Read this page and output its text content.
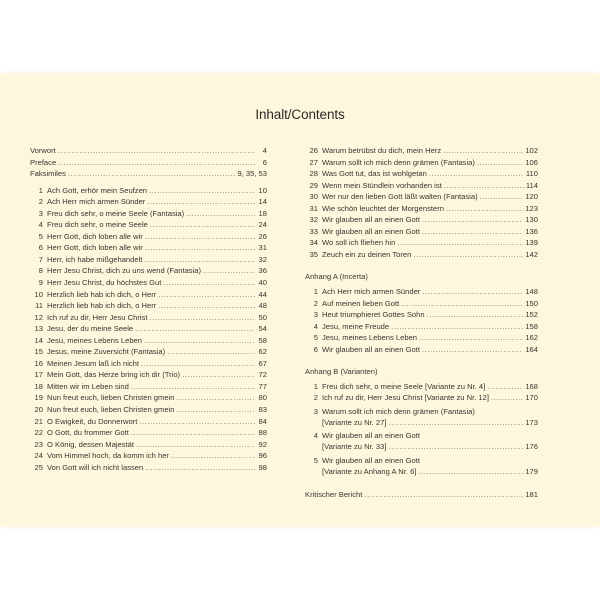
Inhalt/Contents
Vorwort .....	4
Preface .....	6
Faksimiles .....	9, 35, 53
1 Ach Gott, erhör mein Seufzen .....	10
2 Ach Herr mich armen Sünder .....	14
3 Freu dich sehr, o meine Seele (Fantasia) .....	18
4 Freu dich sehr, o meine Seele .....	24
5 Herr Gott, dich loben alle wir .....	26
6 Herr Gott, dich loben alle wir .....	31
7 Herr, ich habe mißgehandelt .....	32
8 Herr Jesu Christ, dich zu uns wend (Fantasia) .....	36
9 Herr Jesu Christ, du höchstes Gut .....	40
10 Herzlich lieb hab ich dich, o Herr .....	44
11 Herzlich lieb hab ich dich, o Herr .....	48
12 Ich ruf zu dir, Herr Jesu Christ .....	50
13 Jesu, der du meine Seele .....	54
14 Jesu, meines Lebens Leben .....	58
15 Jesus, meine Zuversicht (Fantasia) .....	62
16 Meinen Jesum laß ich nicht .....	67
17 Mein Gott, das Herze bring ich dir (Trio) .....	72
18 Mitten wir im Leben sind .....	77
19 Nun freut euch, lieben Christen gmein .....	80
20 Nun freut euch, lieben Christen gmein .....	83
21 O Ewigkeit, du Donnerwort .....	84
22 O Gott, du frommer Gott .....	88
23 O König, dessen Majestät .....	92
24 Vom Himmel hoch, da komm ich her .....	96
25 Von Gott will ich nicht lassen .....	98
26 Warum betrübst du dich, mein Herz .....	102
27 Warum sollt ich mich denn grämen (Fantasia) .....	106
28 Was Gott tut, das ist wohlgetan .....	110
29 Wenn mein Stündlein vorhanden ist .....	114
30 Wer nur den lieben Gott läßt walten (Fantasia) .....	120
31 Wie schön leuchtet der Morgenstern .....	123
32 Wir glauben all an einen Gott .....	130
33 Wir glauben all an einen Gott .....	136
34 Wo soll ich fliehen hin .....	139
35 Zeuch ein zu deinen Toren .....	142
Anhang A (Incerta)
1 Ach Herr mich armen Sünder .....	148
2 Auf meinen lieben Gott .....	150
3 Heut triumphieret Gottes Sohn .....	152
4 Jesu, meine Freude .....	158
5 Jesu, meines Lebens Leben .....	162
6 Wir glauben all an einen Gott .....	164
Anhang B (Varianten)
1 Freu dich sehr, o meine Seele [Variante zu Nr. 4] .....	168
2 Ich ruf zu dir, Herr Jesu Christ [Variante zu Nr. 12] .....	170
3 Warum sollt ich mich denn grämen (Fantasia)
[Variante zu Nr. 27] .....	173
4 Wir glauben all an einen Gott
[Variante zu Nr. 33] .....	176
5 Wir glauben all an einen Gott
[Variante zu Anhang A Nr. 6] .....	179
Kritischer Bericht .....	181
